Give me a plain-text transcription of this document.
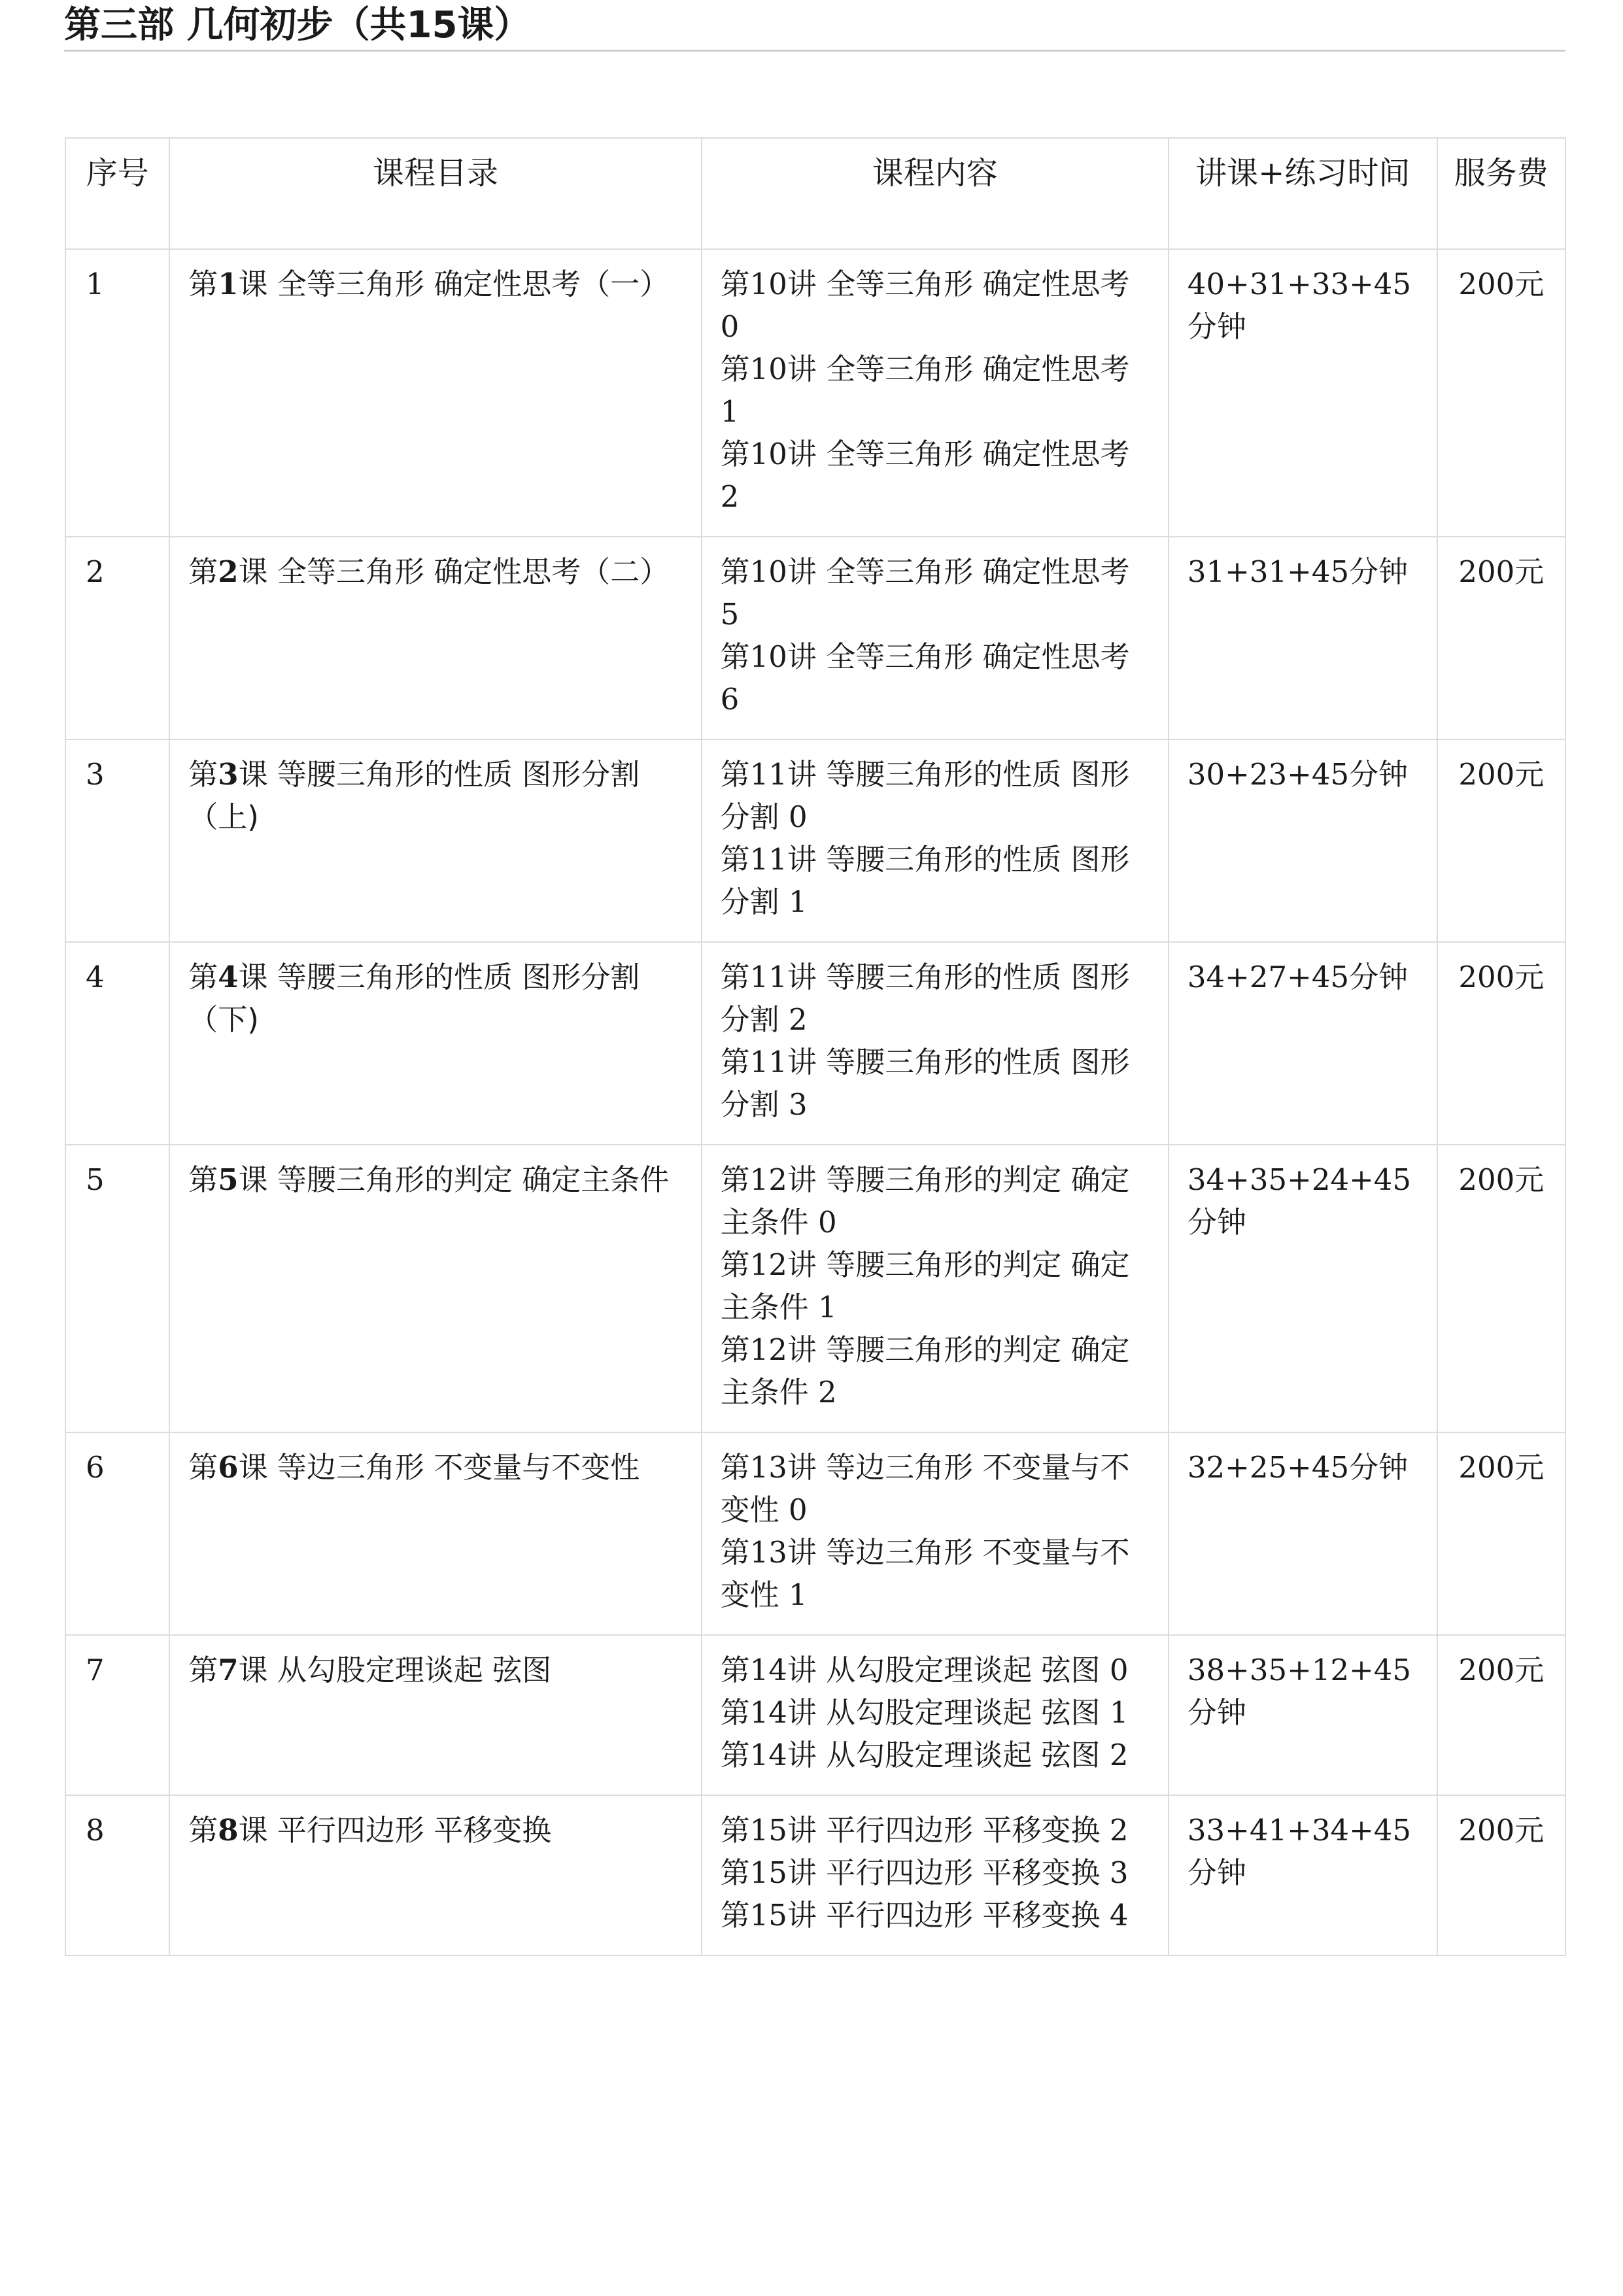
第三部 几何初步（共15课）
序号	课程目录	课程内容	讲课+练习时间	服务费
1	第1课 全等三角形 确定性思考（一）	第10讲 全等三角形 确定性思考 0
第10讲 全等三角形 确定性思考 1
第10讲 全等三角形 确定性思考 2	40+31+33+45分钟	200元
2	第2课 全等三角形 确定性思考（二）	第10讲 全等三角形 确定性思考 5
第10讲 全等三角形 确定性思考 6	31+31+45分钟	200元
3	第3课 等腰三角形的性质 图形分割（上)	第11讲 等腰三角形的性质 图形分割 0
第11讲 等腰三角形的性质 图形分割 1	30+23+45分钟	200元
4	第4课 等腰三角形的性质 图形分割（下)	第11讲 等腰三角形的性质 图形分割 2
第11讲 等腰三角形的性质 图形分割 3	34+27+45分钟	200元
5	第5课 等腰三角形的判定 确定主条件	第12讲 等腰三角形的判定 确定主条件 0
第12讲 等腰三角形的判定 确定主条件 1
第12讲 等腰三角形的判定 确定主条件 2	34+35+24+45分钟	200元
6	第6课 等边三角形 不变量与不变性	第13讲 等边三角形 不变量与不变性 0
第13讲 等边三角形 不变量与不变性 1	32+25+45分钟	200元
7	第7课 从勾股定理谈起 弦图	第14讲 从勾股定理谈起 弦图 0
第14讲 从勾股定理谈起 弦图 1
第14讲 从勾股定理谈起 弦图 2	38+35+12+45分钟	200元
8	第8课 平行四边形 平移变换	第15讲 平行四边形 平移变换 2
第15讲 平行四边形 平移变换 3
第15讲 平行四边形 平移变换 4	33+41+34+45分钟	200元
